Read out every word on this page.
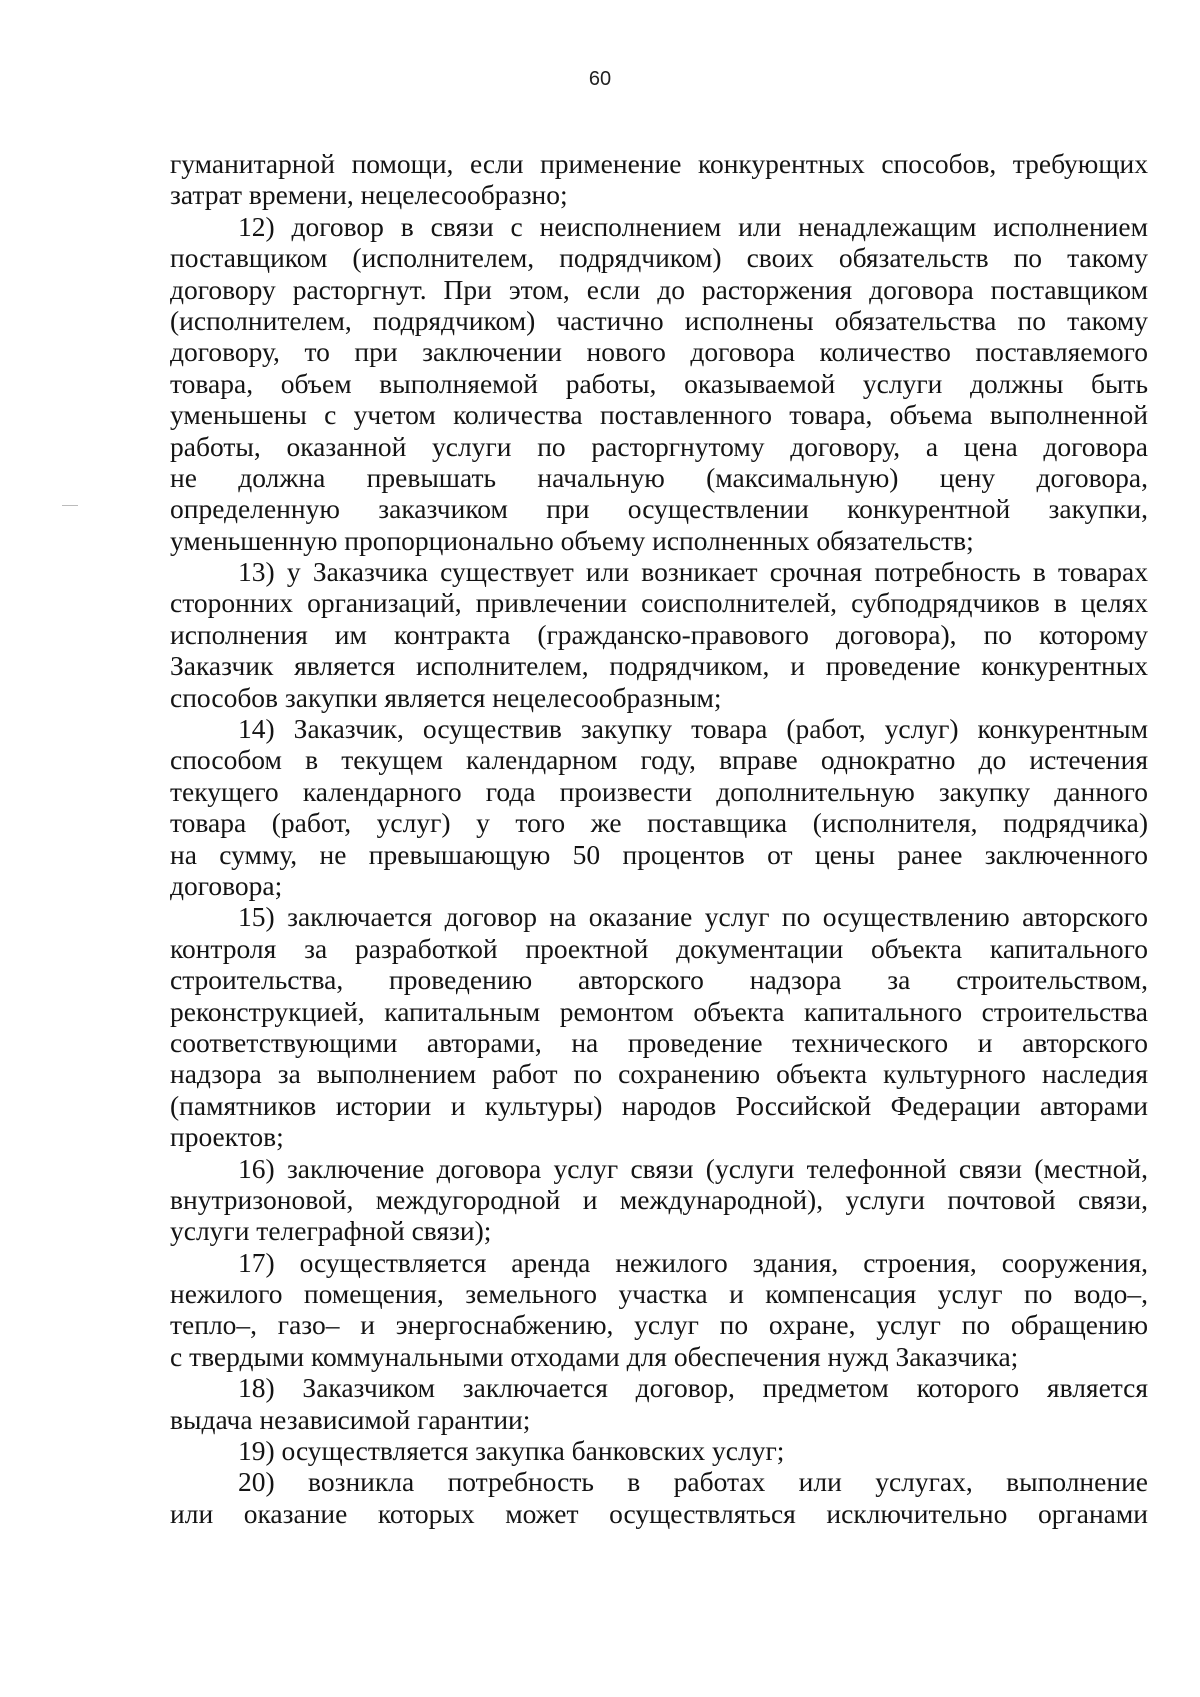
60
гуманитарной помощи, если применение конкурентных способов, требующих
затрат времени, нецелесообразно;
12) договор в связи с неисполнением или ненадлежащим исполнением
поставщиком (исполнителем, подрядчиком) своих обязательств по такому
договору расторгнут. При этом, если до расторжения договора поставщиком
(исполнителем, подрядчиком) частично исполнены обязательства по такому
договору, то при заключении нового договора количество поставляемого
товара, объем выполняемой работы, оказываемой услуги должны быть
уменьшены с учетом количества поставленного товара, объема выполненной
работы, оказанной услуги по расторгнутому договору, а цена договора
не должна превышать начальную (максимальную) цену договора,
определенную заказчиком при осуществлении конкурентной закупки,
уменьшенную пропорционально объему исполненных обязательств;
13) у Заказчика существует или возникает срочная потребность в товарах
сторонних организаций, привлечении соисполнителей, субподрядчиков в целях
исполнения им контракта (гражданско-правового договора), по которому
Заказчик является исполнителем, подрядчиком, и проведение конкурентных
способов закупки является нецелесообразным;
14) Заказчик, осуществив закупку товара (работ, услуг) конкурентным
способом в текущем календарном году, вправе однократно до истечения
текущего календарного года произвести дополнительную закупку данного
товара (работ, услуг) у того же поставщика (исполнителя, подрядчика)
на сумму, не превышающую 50 процентов от цены ранее заключенного
договора;
15) заключается договор на оказание услуг по осуществлению авторского
контроля за разработкой проектной документации объекта капитального
строительства, проведению авторского надзора за строительством,
реконструкцией, капитальным ремонтом объекта капитального строительства
соответствующими авторами, на проведение технического и авторского
надзора за выполнением работ по сохранению объекта культурного наследия
(памятников истории и культуры) народов Российской Федерации авторами
проектов;
16) заключение договора услуг связи (услуги телефонной связи (местной,
внутризоновой, междугородной и международной), услуги почтовой связи,
услуги телеграфной связи);
17) осуществляется аренда нежилого здания, строения, сооружения,
нежилого помещения, земельного участка и компенсация услуг по водо–,
тепло–, газо– и энергоснабжению, услуг по охране, услуг по обращению
с твердыми коммунальными отходами для обеспечения нужд Заказчика;
18) Заказчиком заключается договор, предметом которого является
выдача независимой гарантии;
19) осуществляется закупка банковских услуг;
20) возникла потребность в работах или услугах, выполнение
или оказание которых может осуществляться исключительно органами
